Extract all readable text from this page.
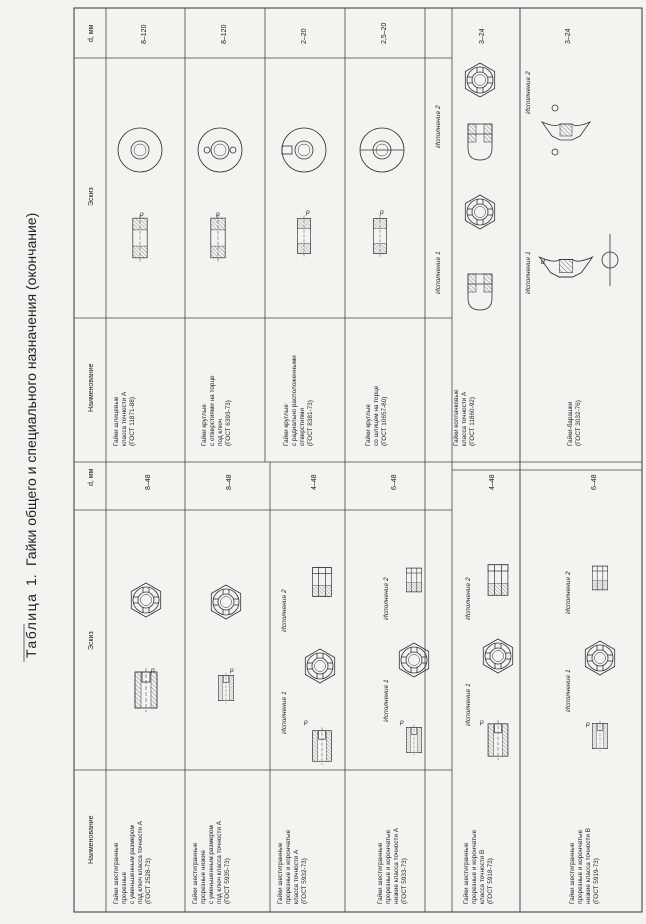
Таблица
1.
Гайки общего и специального назначения (окончание)
Наименование
Эскиз
d, мм
Наименование
Эскиз
d, мм
Гайки шестигранные прорезные с уменьшенным размером под ключ класса точности А (ГОСТ 2528-73)
p
8–48
Гайки шестигранные прорезные низкие с уменьшенным размером под ключ класса точности А (ГОСТ 5935-73)
p
8–48
Гайки шестигранные прорезные и корончатые класса точности А (ГОСТ 5932-73)
Исполнение 1
Исполнение 2
p
4–48
Гайки шестигранные прорезные и корончатые низкие класса точности А (ГОСТ 5933-73)
Исполнение 1
Исполнение 2
p
6–48
Гайки шестигранные прорезные и корончатые класса точности В (ГОСТ 5918-73)
Исполнение 1
Исполнение 2
p
4–48
Гайки шестигранные прорезные и корончатые низкие класса точности В (ГОСТ 5919-73)
Исполнение 1
Исполнение 2
p
6–48
Гайки шлицевые класса точности А (ГОСТ 11871-88)
p
8–120
Гайки круглые с отверстиями на торце под ключ (ГОСТ 6393-73)
p
8–120
Гайки круглые с радиально расположенными отверстиями (ГОСТ 8381-73)
p
2–20
Гайки круглые со шлицем на торце (ГОСТ 10657-80)
p
2,5–20
Гайки колпачковые класса точности А (ГОСТ 11860-92)
Исполнение 1
Исполнение 2
3–24
Гайки-барашки (ГОСТ 3032-76)
Исполнение 1
Исполнение 2
d
3–24
